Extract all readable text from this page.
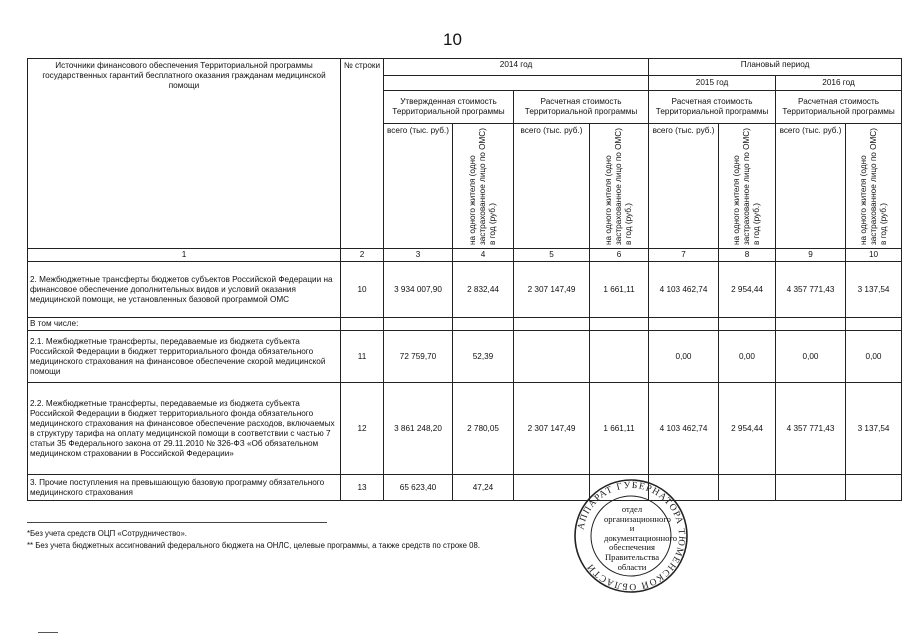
10
Источники финансового обеспечения Территориальной программы государственных гарантий бесплатного оказания гражданам медицинской помощи	№ строки	2014 год				Плановый период			
						2015 год		2016 год	
		Утвержденная стоимость Территориальной программы		Расчетная стоимость Территориальной программы		Расчетная стоимость Территориальной программы		Расчетная стоимость Территориальной программы	
		всего (тыс. руб.)	на одного жителя (одно застрахованное лицо по ОМС) в год (руб.)	всего (тыс. руб.)	на одного жителя (одно застрахованное лицо по ОМС) в год (руб.)	всего (тыс. руб.)	на одного жителя (одно застрахованное лицо по ОМС) в год (руб.)	всего (тыс. руб.)	на одного жителя (одно застрахованное лицо по ОМС) в год (руб.)

1	2	3	4	5	6	7	8	9	10
2. Межбюджетные трансферты бюджетов субъектов Российской Федерации на финансовое обеспечение дополнительных видов и условий оказания медицинской помощи, не установленных базовой программой ОМС	10	3 934 007,90	2 832,44	2 307 147,49	1 661,11	4 103 462,74	2 954,44	4 357 771,43	3 137,54
В том числе:									
2.1. Межбюджетные трансферты, передаваемые из бюджета субъекта Российской Федерации в бюджет территориального фонда обязательного медицинского страхования на финансовое обеспечение скорой медицинской помощи	11	72 759,70	52,39			0,00	0,00	0,00	0,00
2.2. Межбюджетные трансферты, передаваемые из бюджета субъекта Российской Федерации в бюджет территориального фонда обязательного медицинского страхования на финансовое обеспечение расходов, включаемых в структуру тарифа на оплату медицинской помощи в соответствии с частью 7 статьи 35 Федерального закона от 29.11.2010 № 326-ФЗ «Об обязательном медицинском страховании в Российской Федерации»	12	3 861 248,20	2 780,05	2 307 147,49	1 661,11	4 103 462,74	2 954,44	4 357 771,43	3 137,54
3. Прочие поступления на превышающую базовую программу обязательного медицинского страхования	13	65 623,40	47,24						
*Без учета средств ОЦП «Сотрудничество».
** Без учета бюджетных ассигнований федерального бюджета на ОНЛС, целевые программы, а также средств по строке 08.
АППАРАТ ГУБЕРНАТОРА ТЮМЕНСКОЙ ОБЛАСТИ
отдел организационного и документационного обеспечения Правительства области
